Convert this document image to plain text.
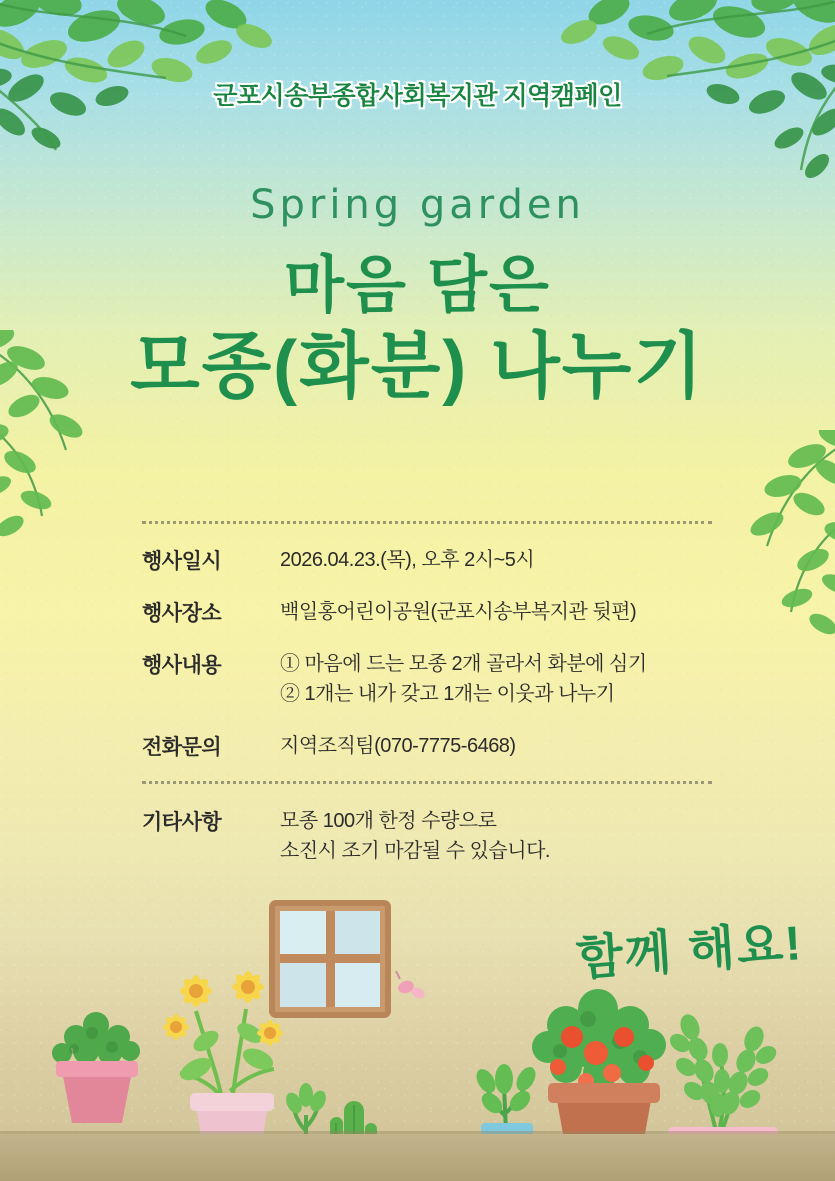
군포시송부종합사회복지관 지역캠페인
Spring garden
마음 담은
모종(화분) 나누기
행사일시	2026.04.23.(목), 오후 2시~5시
행사장소	백일홍어린이공원(군포시송부복지관 뒷편)
행사내용	① 마음에 드는 모종 2개 골라서 화분에 심기
② 1개는 내가 갖고 1개는 이웃과 나누기
전화문의	지역조직팀(070-7775-6468)
기타사항	모종 100개 한정 수량으로
소진시 조기 마감될 수 있습니다.
함께 해요!
